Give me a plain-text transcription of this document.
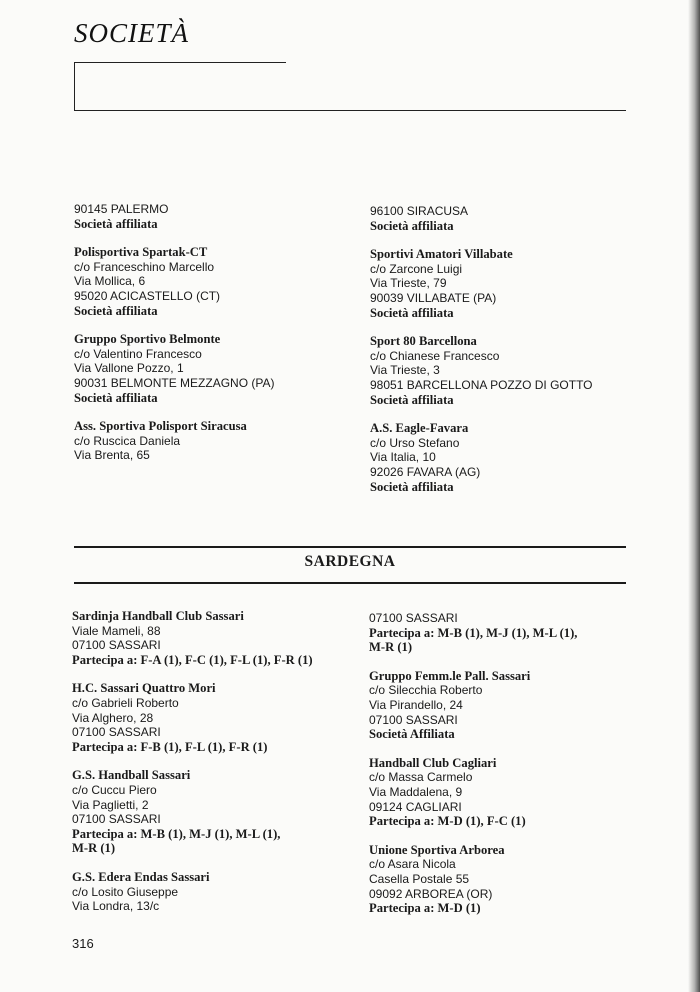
SOCIETÀ
90145 PALERMO
Società affiliata
Polisportiva Spartak-CT
c/o Franceschino Marcello
Via Mollica, 6
95020 ACICASTELLO (CT)
Società affiliata
Gruppo Sportivo Belmonte
c/o Valentino Francesco
Via Vallone Pozzo, 1
90031 BELMONTE MEZZAGNO (PA)
Società affiliata
Ass. Sportiva Polisport Siracusa
c/o Ruscica Daniela
Via Brenta, 65
96100 SIRACUSA
Società affiliata
Sportivi Amatori Villabate
c/o Zarcone Luigi
Via Trieste, 79
90039 VILLABATE (PA)
Società affiliata
Sport 80 Barcellona
c/o Chianese Francesco
Via Trieste, 3
98051 BARCELLONA POZZO DI GOTTO
Società affiliata
A.S. Eagle-Favara
c/o Urso Stefano
Via Italia, 10
92026 FAVARA (AG)
Società affiliata
SARDEGNA
Sardinja Handball Club Sassari
Viale Mameli, 88
07100 SASSARI
Partecipa a: F-A (1), F-C (1), F-L (1), F-R (1)
H.C. Sassari Quattro Mori
c/o Gabrieli Roberto
Via Alghero, 28
07100 SASSARI
Partecipa a: F-B (1), F-L (1), F-R (1)
G.S. Handball Sassari
c/o Cuccu Piero
Via Paglietti, 2
07100 SASSARI
Partecipa a: M-B (1), M-J (1), M-L (1),
M-R (1)
G.S. Edera Endas Sassari
c/o Losito Giuseppe
Via Londra, 13/c
07100 SASSARI
Partecipa a: M-B (1), M-J (1), M-L (1),
M-R (1)
Gruppo Femm.le Pall. Sassari
c/o Silecchia Roberto
Via Pirandello, 24
07100 SASSARI
Società Affiliata
Handball Club Cagliari
c/o Massa Carmelo
Via Maddalena, 9
09124 CAGLIARI
Partecipa a: M-D (1), F-C (1)
Unione Sportiva Arborea
c/o Asara Nicola
Casella Postale 55
09092 ARBOREA (OR)
Partecipa a: M-D (1)
316
